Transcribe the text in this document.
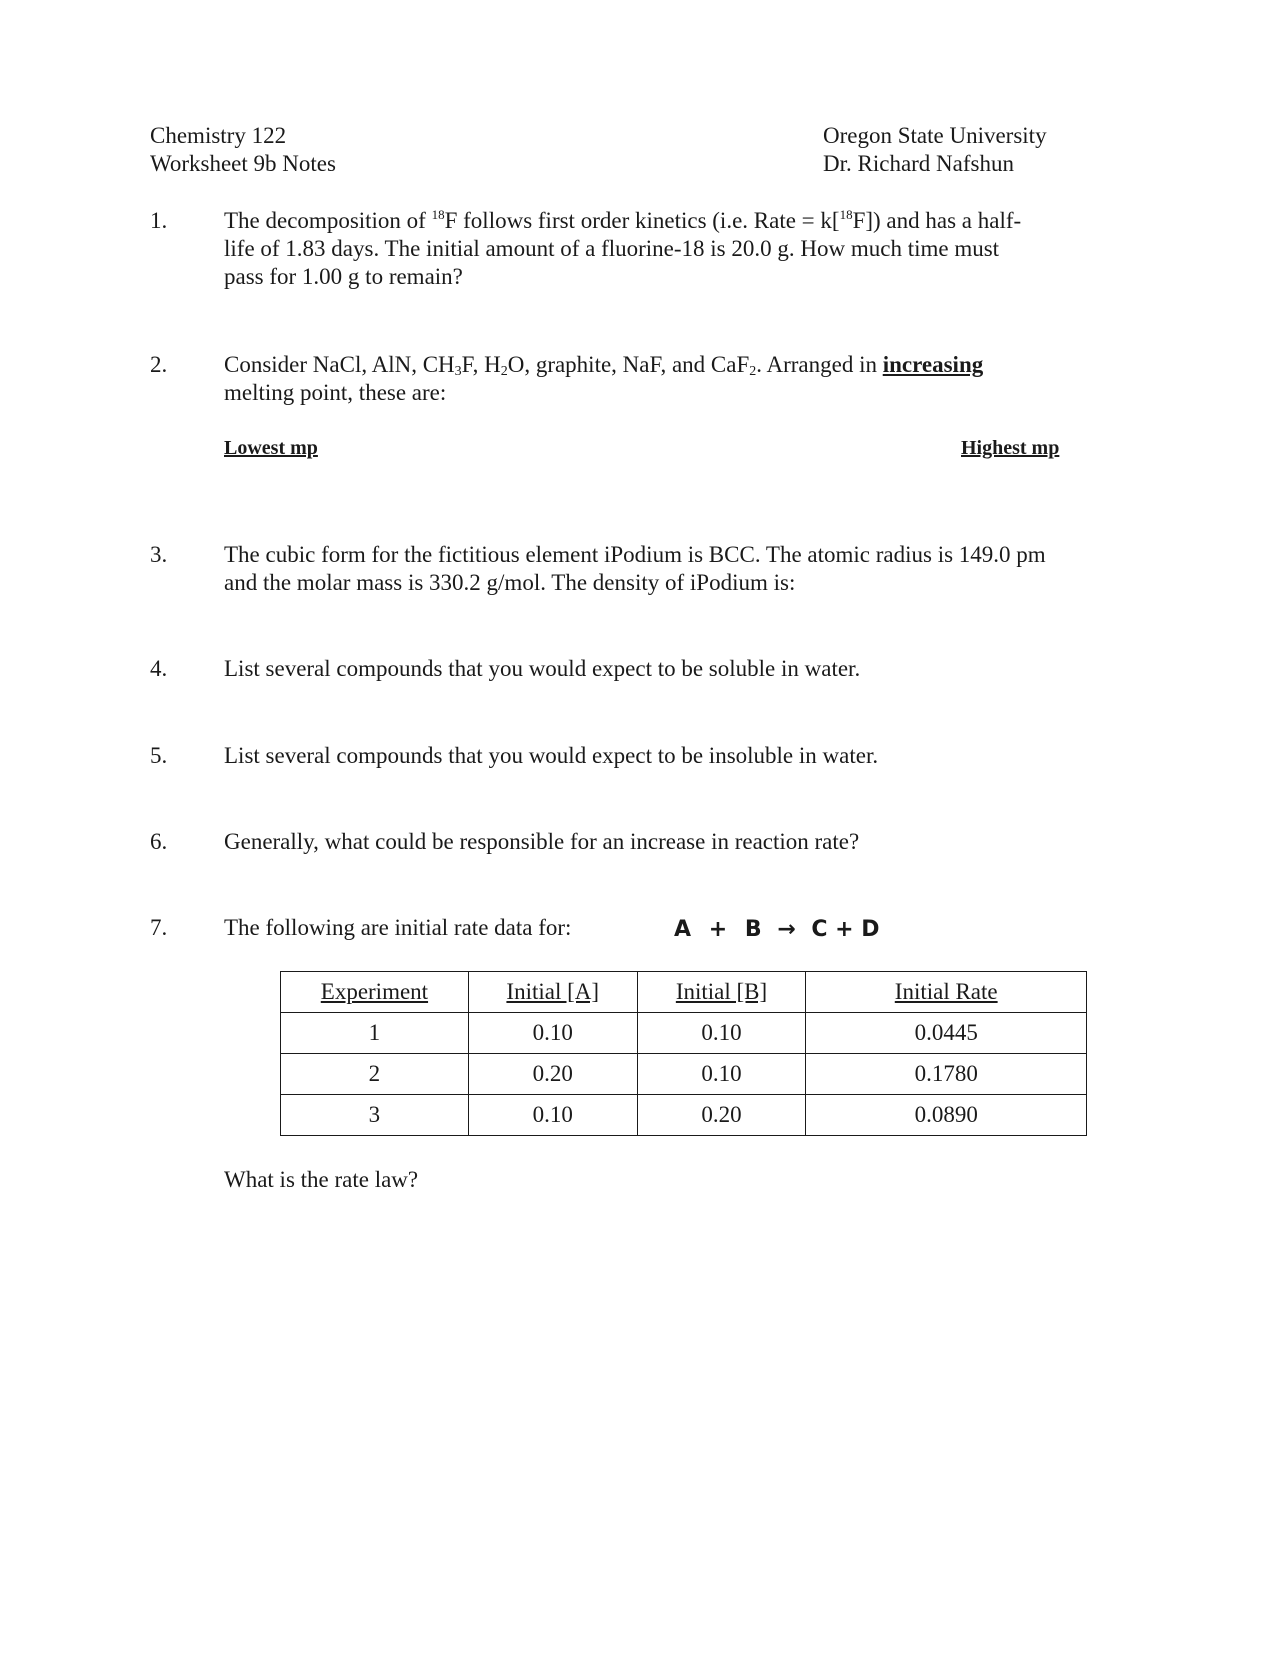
Chemistry 122
Worksheet 9b Notes
Oregon State University
Dr. Richard Nafshun
1. The decomposition of $^{18}$F follows first order kinetics (i.e. Rate = k[$^{18}$F]) and has a half-
life of 1.83 days. The initial amount of a fluorine-18 is 20.0 g. How much time must
pass for 1.00 g to remain?
2. Consider NaCl, AlN, $CH_3F$, $H_2O$, graphite, NaF, and CaF$_2$. Arranged in increasing
melting point, these are:
Lowest mp	Highest mp
3. The cubic form for the fictitious element iPodium is BCC. The atomic radius is 149.0 pm
and the molar mass is 330.2 g/mol. The density of iPodium is:
4. List several compounds that you would expect to be soluble in water.
5. List several compounds that you would expect to be insoluble in water.
6. Generally, what could be responsible for an increase in reaction rate?
7. The following are initial rate data for:	A + B → C + D
Experiment	Initial [A]	Initial [B]	Initial Rate
1	0.10	0.10	0.0445
2	0.20	0.10	0.1780
3	0.10	0.20	0.0890
What is the rate law?
